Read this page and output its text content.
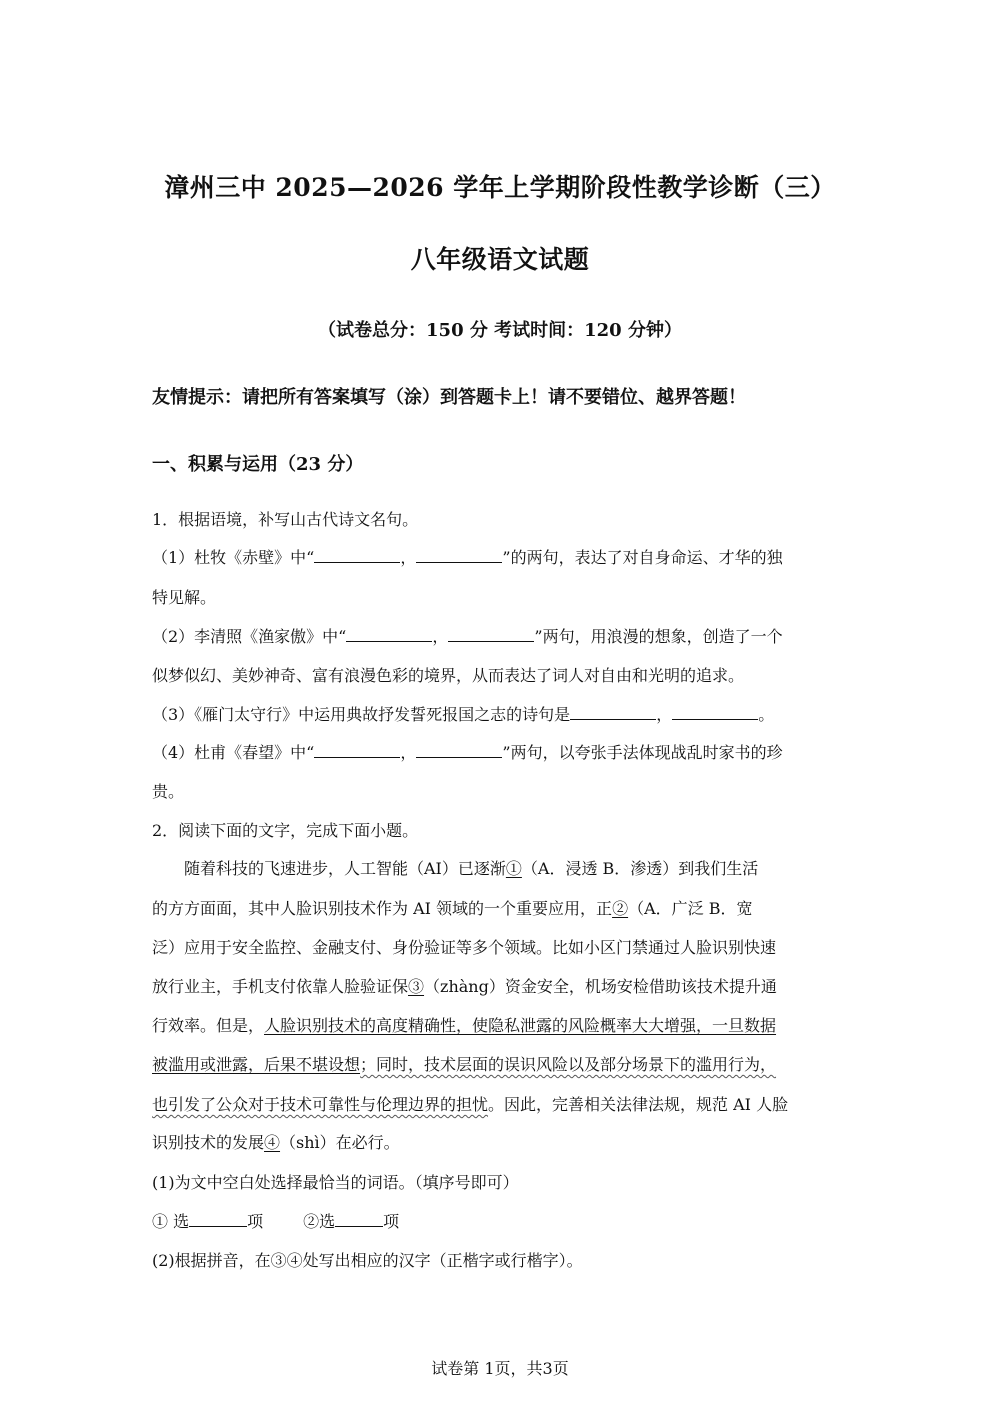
漳州三中 2025—2026 学年上学期阶段性教学诊断（三）
八年级语文试题
（试卷总分：150 分 考试时间：120 分钟）
友情提示：请把所有答案填写（涂）到答题卡上！请不要错位、越界答题！
一、积累与运用（23 分）
1．根据语境，补写山古代诗文名句。
（1）杜牧《赤壁》中“	，	”的两句，表达了对自身命运、才华的独
特见解。
（2）李清照《渔家傲》中“	，	”两句，用浪漫的想象，创造了一个
似梦似幻、美妙神奇、富有浪漫色彩的境界，从而表达了词人对自由和光明的追求。
（3）《雁门太守行》中运用典故抒发誓死报国之志的诗句是	，	。
（4）杜甫《春望》中“	，	”两句，以夸张手法体现战乱时家书的珍
贵。
2．阅读下面的文字，完成下面小题。
随着科技的飞速进步，人工智能（AI）已逐渐①（A．浸透 B．渗透）到我们生活
的方方面面，其中人脸识别技术作为 AI 领域的一个重要应用，正②（A．广泛 B．宽
泛）应用于安全监控、金融支付、身份验证等多个领域。比如小区门禁通过人脸识别快速
放行业主，手机支付依靠人脸验证保③（zhàng）资金安全，机场安检借助该技术提升通
行效率。但是，人脸识别技术的高度精确性，使隐私泄露的风险概率大大增强，一旦数据
被滥用或泄露，后果不堪设想；同时，技术层面的误识风险以及部分场景下的滥用行为，
也引发了公众对于技术可靠性与伦理边界的担忧。因此，完善相关法律法规，规范 AI 人脸
识别技术的发展④（shì）在必行。
(1)为文中空白处选择最恰当的词语。（填序号即可）
① 选	项	②选	项
(2)根据拼音，在③④处写出相应的汉字（正楷字或行楷字）。
试卷第 1页，共3页
